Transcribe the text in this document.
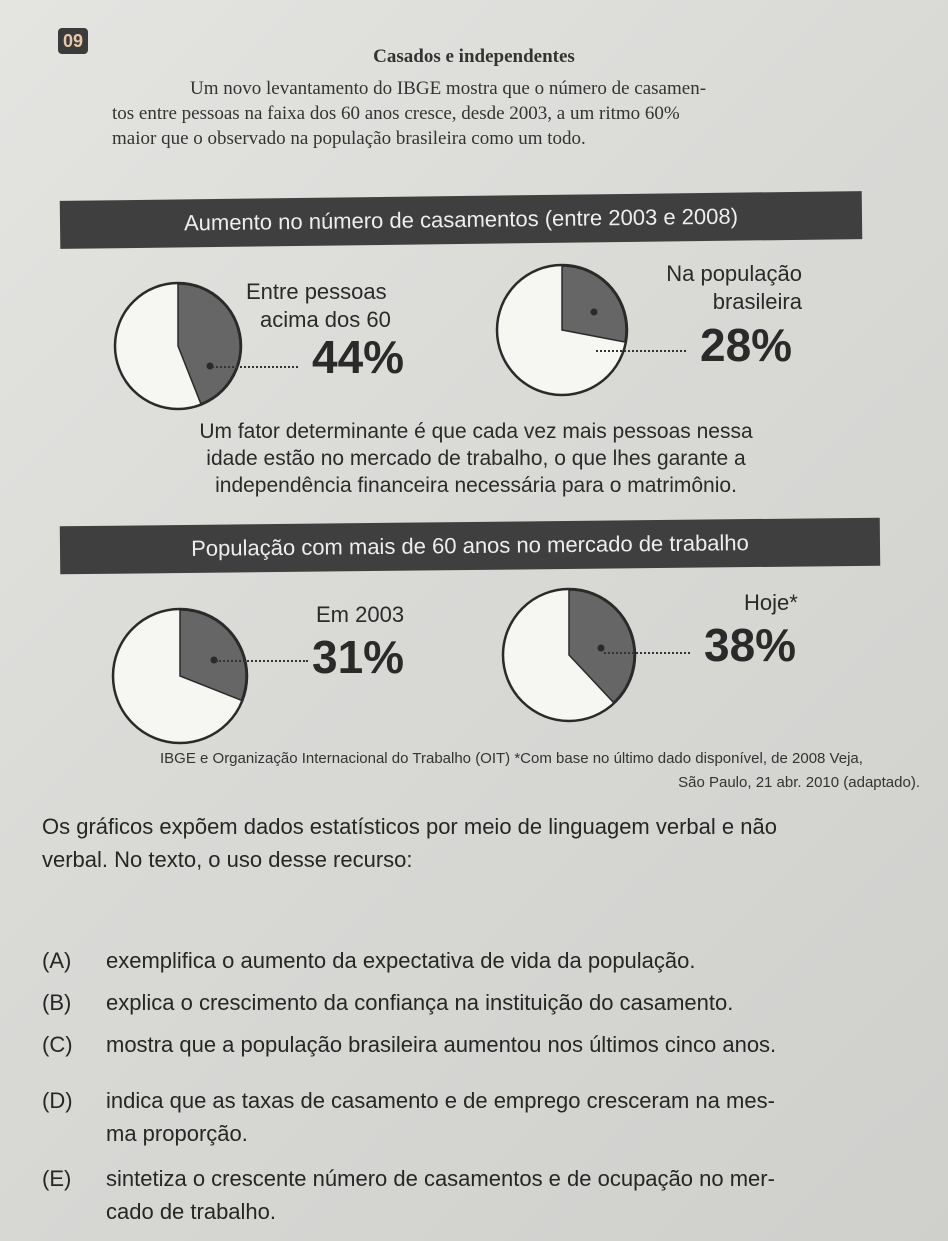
09
Casados e independentes
Um novo levantamento do IBGE mostra que o número de casamen-
tos entre pessoas na faixa dos 60 anos cresce, desde 2003, a um ritmo 60%
maior que o observado na população brasileira como um todo.
Aumento no número de casamentos (entre 2003 e 2008)
Entre pessoas
acima dos 60
44%
Na população
brasileira
28%
Um fator determinante é que cada vez mais pessoas nessa
idade estão no mercado de trabalho, o que lhes garante a
independência financeira necessária para o matrimônio.
População com mais de 60 anos no mercado de trabalho
Em 2003
31%
Hoje*
38%
IBGE e Organização Internacional do Trabalho (OIT) *Com base no último dado disponível, de 2008 Veja,
São Paulo, 21 abr. 2010 (adaptado).
Os gráficos expõem dados estatísticos por meio de linguagem verbal e não
verbal. No texto, o uso desse recurso:
(A) exemplifica o aumento da expectativa de vida da população.
(B) explica o crescimento da confiança na instituição do casamento.
(C) mostra que a população brasileira aumentou nos últimos cinco anos.
(D) indica que as taxas de casamento e de emprego cresceram na mes-
ma proporção.
(E) sintetiza o crescente número de casamentos e de ocupação no mer-
cado de trabalho.
